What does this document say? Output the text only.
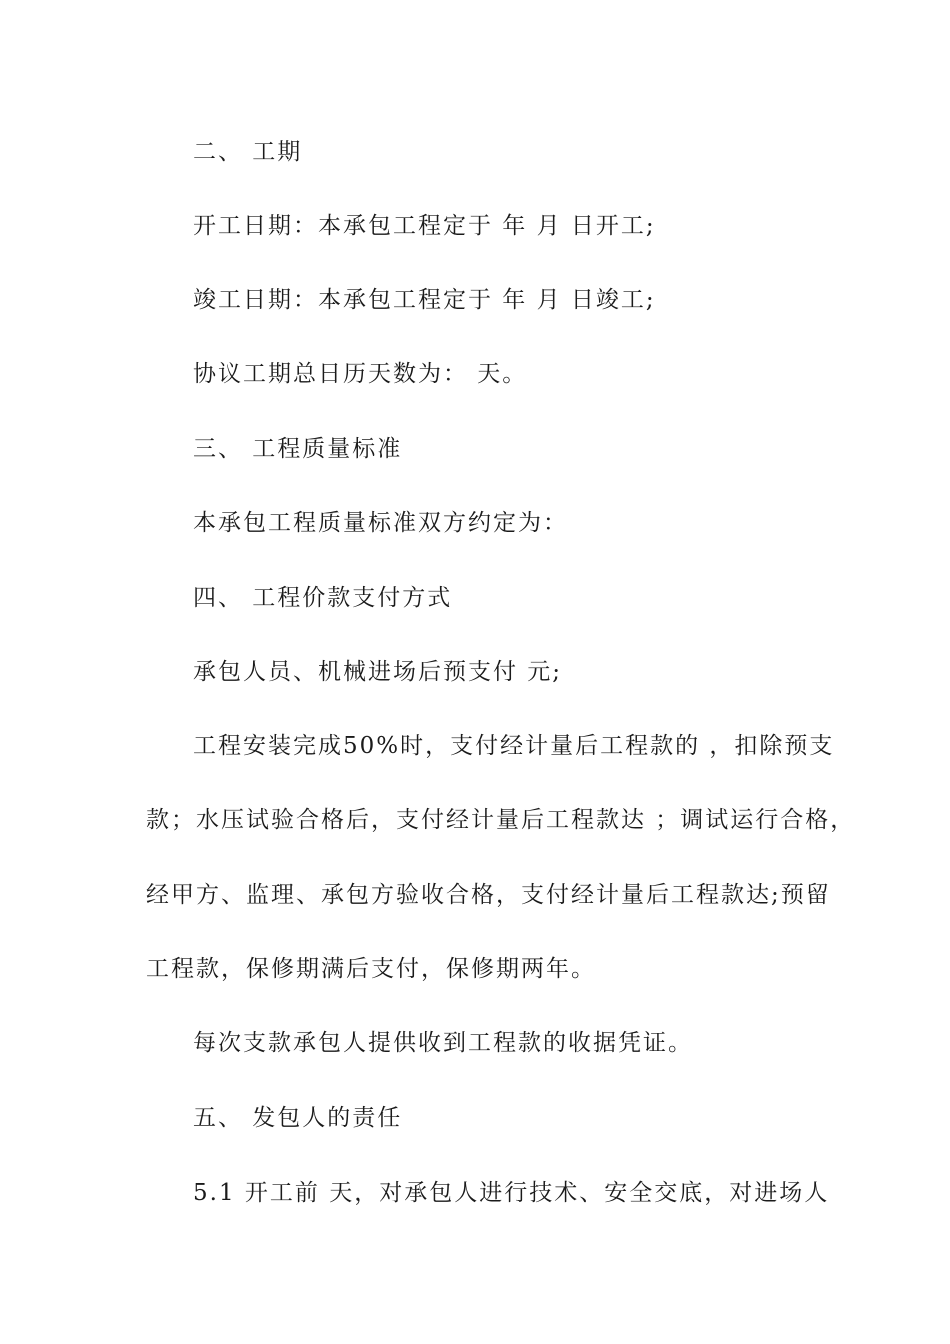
二、 工期
开工日期：本承包工程定于 年 月 日开工;
竣工日期：本承包工程定于 年 月 日竣工;
协议工期总日历天数为： 天。
三、 工程质量标准
本承包工程质量标准双方约定为：
四、 工程价款支付方式
承包人员、机械进场后预支付 元;
工程安装完成50%时，支付经计量后工程款的 ，扣除预支
款；水压试验合格后，支付经计量后工程款达 ；调试运行合格，
经甲方、监理、承包方验收合格，支付经计量后工程款达;预留
工程款，保修期满后支付，保修期两年。
每次支款承包人提供收到工程款的收据凭证。
五、 发包人的责任
5.1 开工前 天，对承包人进行技术、安全交底，对进场人
